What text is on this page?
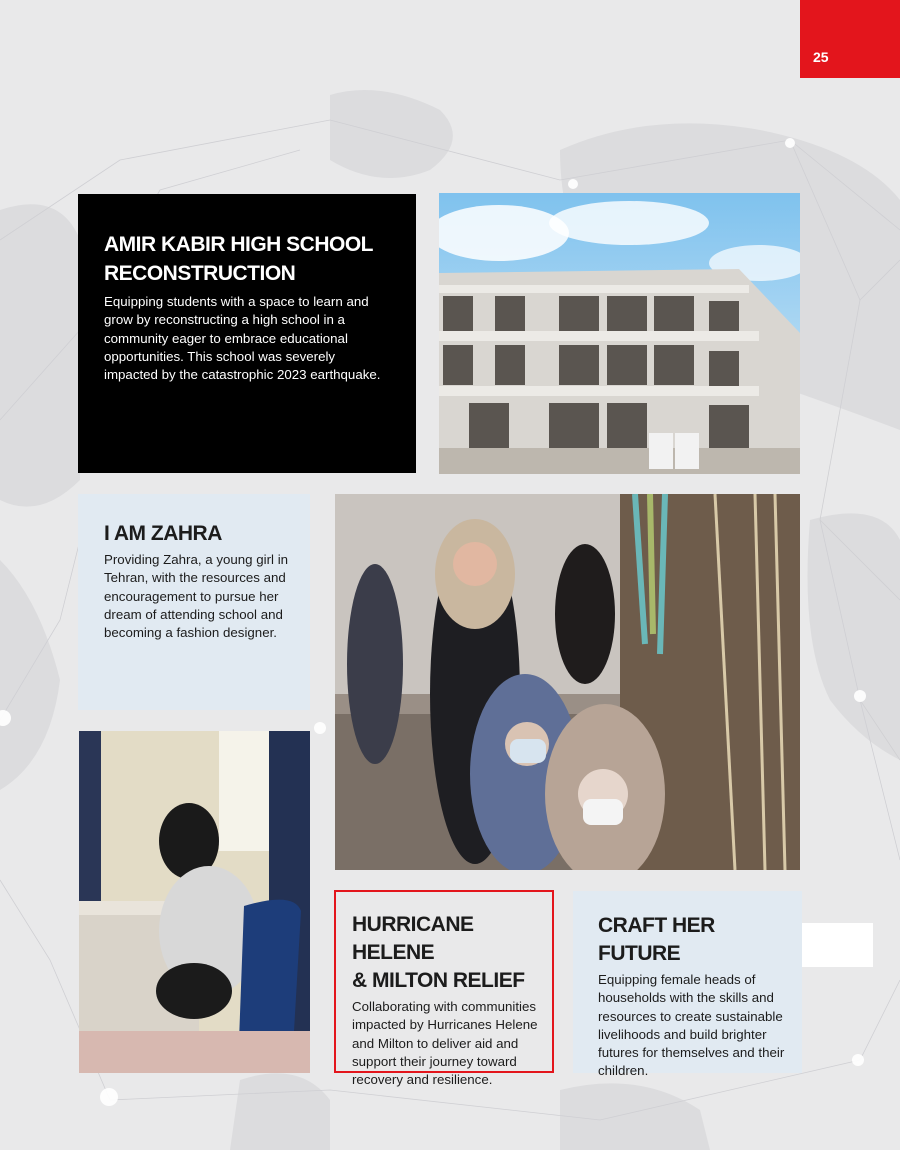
25
AMIR KABIR HIGH SCHOOL
RECONSTRUCTION

Equipping students with a space to learn and grow by reconstructing a high school in a community eager to embrace educational opportunities. This school was severely impacted by the catastrophic 2023 earthquake.

I AM ZAHRA

Providing Zahra, a young girl in Tehran, with the resources and encouragement to pursue her dream of attending school and becoming a fashion designer.

HURRICANE HELENE
& MILTON RELIEF

Collaborating with communities impacted by Hurricanes Helene and Milton to deliver aid and support their journey toward recovery and resilience.

CRAFT HER FUTURE

Equipping female heads of households with the skills and resources to create sustainable livelihoods and build brighter futures for themselves and their children.
